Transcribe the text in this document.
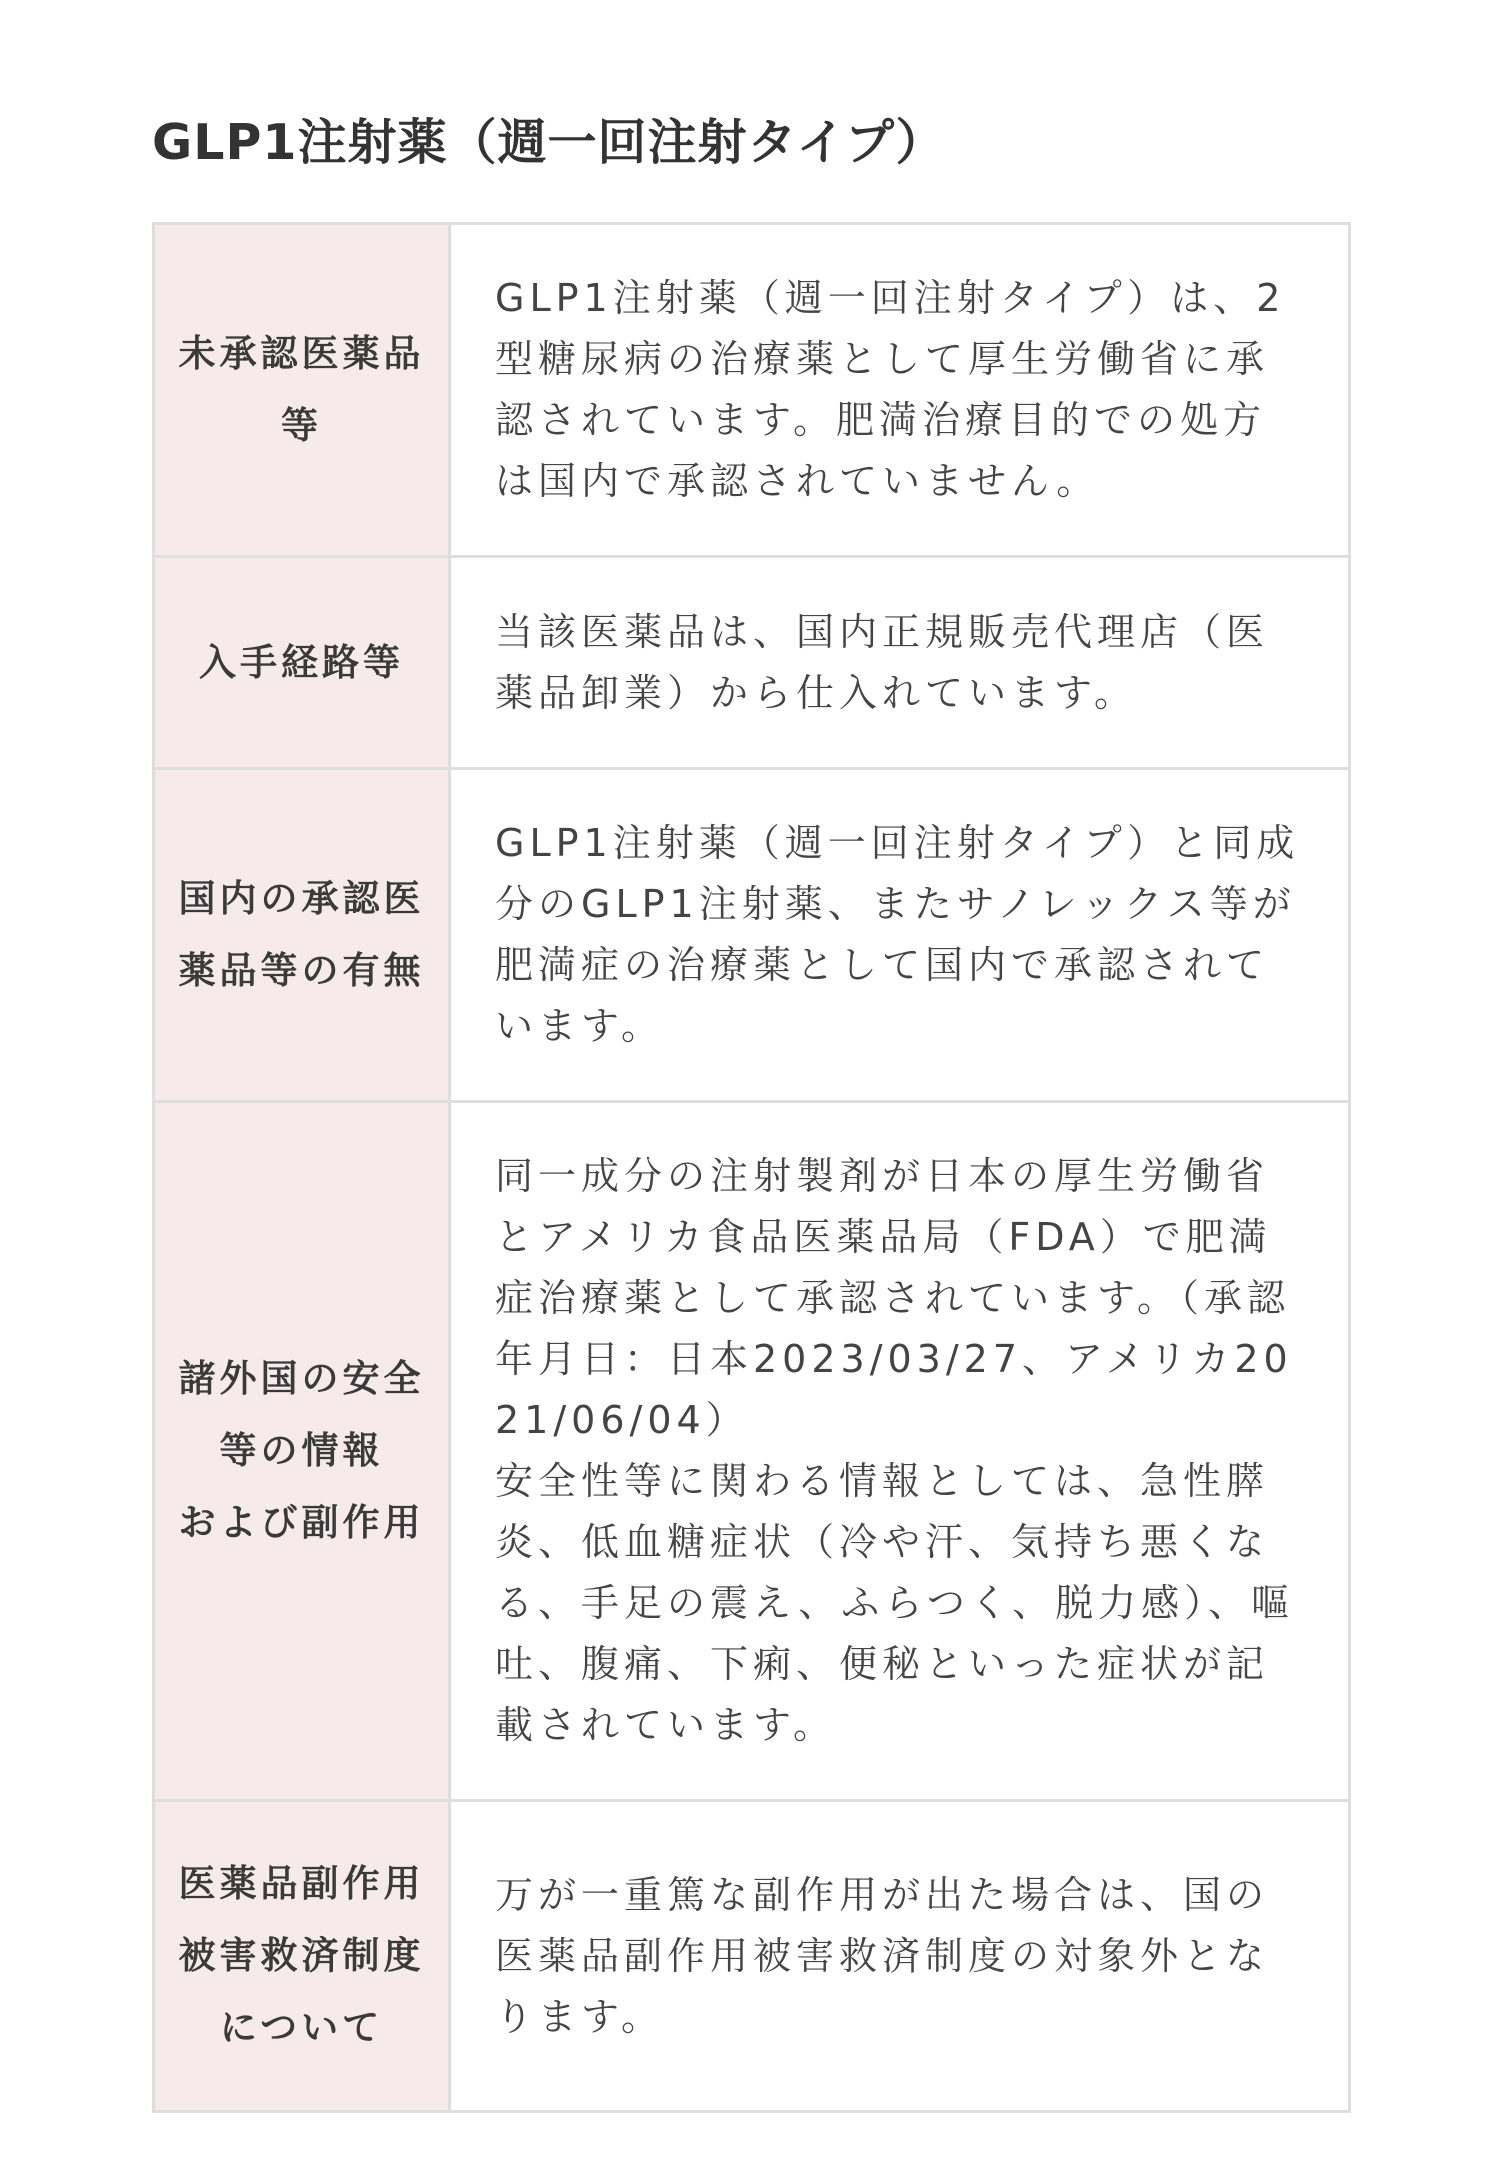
GLP1注射薬（週一回注射タイプ）
未承認医薬品
等	GLP1注射薬（週一回注射タイプ）は、2型糖尿病の治療薬として厚生労働省に承認されています。肥満治療目的での処方は国内で承認されていません。
入手経路等	当該医薬品は、国内正規販売代理店（医薬品卸業）から仕入れています。
国内の承認医
薬品等の有無	GLP1注射薬（週一回注射タイプ）と同成分のGLP1注射薬、またサノレックス等が肥満症の治療薬として国内で承認されています。
諸外国の安全
等の情報
および副作用	同一成分の注射製剤が日本の厚生労働省とアメリカ食品医薬品局（FDA）で肥満症治療薬として承認されています。（承認年月日：日本2023/03/27、アメリカ2021/06/04）
安全性等に関わる情報としては、急性膵炎、低血糖症状（冷や汗、気持ち悪くなる、手足の震え、ふらつく、脱力感）、嘔吐、腹痛、下痢、便秘といった症状が記載されています。
医薬品副作用
被害救済制度
について	万が一重篤な副作用が出た場合は、国の医薬品副作用被害救済制度の対象外となります。
